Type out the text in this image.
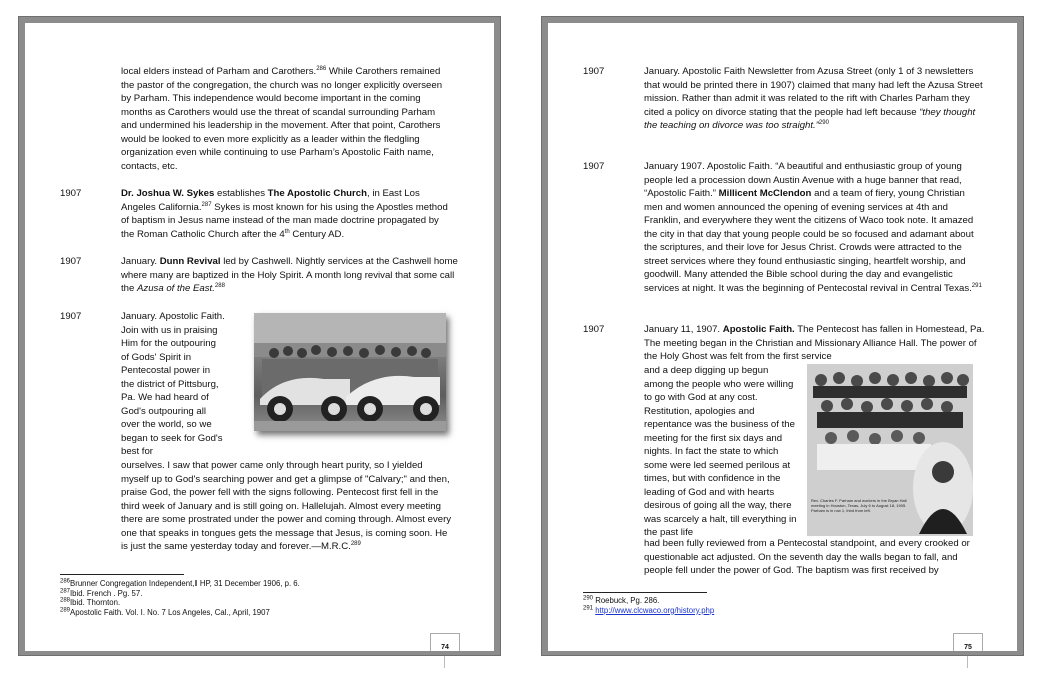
local elders instead of Parham and Carothers.$^{286}$ While Carothers remained the pastor of the congregation, the church was no longer explicitly overseen by Parham. This independence would become important in the coming months as Carothers would use the threat of scandal surrounding Parham and undermined his leadership in the movement. After that point, Carothers would be looked to even more explicitly as a leader within the fledgling organization even while continuing to use Parham’s Apostolic Faith name, contacts, etc.
1907	Dr. Joshua W. Sykes establishes The Apostolic Church, in East Los Angeles California.$^{287}$ Sykes is most known for his using the Apostles method of baptism in Jesus name instead of the man made doctrine propagated by the Roman Catholic Church after the 4th Century AD.
1907	January. Dunn Revival led by Cashwell. Nightly services at the Cashwell home where many are baptized in the Holy Spirit. A month long revival that some call the Azusa of the East.$^{288}$
1907	January. Apostolic Faith. Join with us in praising Him for the outpouring of Gods' Spirit in Pentecostal power in the district of Pittsburg, Pa. We had heard of God's outpouring all over the world, so we began to seek for God's best for
ourselves. I saw that power came only through heart purity, so I yielded myself up to God's searching power and get a glimpse of "Calvary;" and then, praise God, the power fell with the signs following. Pentecost first fell in the third week of January and is still going on. Hallelujah. Almost every meeting there are some prostrated under the power and coming through. Almost every one that speaks in tongues gets the message that Jesus, is coming soon. He is just the same yesterday today and forever.—M.R.C.$^{289}$
$^{286}$Brunner Congregation Independent,‖ HP, 31 December 1906, p. 6.
$^{287}$Ibid. French . Pg. 57.
$^{288}$Ibid. Thornton.
$^{289}$Apostolic Faith. Vol. I. No. 7 Los Angeles, Cal., April, 1907
74
1907	January. Apostolic Faith Newsletter from Azusa Street (only 1 of 3 newsletters that would be printed there in 1907) claimed that many had left the Azusa Street mission. Rather than admit it was related to the rift with Charles Parham they cited a policy on divorce stating that the people had left because “they thought the teaching on divorce was too straight.”$^{290}$
1907	January 1907. Apostolic Faith. “A beautiful and enthusiastic group of young people led a procession down Austin Avenue with a huge banner that read, “Apostolic Faith.” Millicent McClendon and a team of fiery, young Christian men and women announced the opening of evening services at 4th and Franklin, and everywhere they went the citizens of Waco took note. It amazed the city in that day that young people could be so focused and adamant about the scriptures, and their love for Jesus Christ. Crowds were attracted to the street services where they found enthusiastic singing, heartfelt worship, and goodwill. Many attended the Bible school during the day and evangelistic services at night. It was the beginning of Pentecostal revival in Central Texas.$^{291}$
1907	January 11, 1907. Apostolic Faith. The Pentecost has fallen in Homestead, Pa. The meeting began in the Christian and Missionary Alliance Hall. The power of the Holy Ghost was felt from the first service
and a deep digging up begun among the people who were willing to go with God at any cost. Restitution, apologies and repentance was the business of the meeting for the first six days and nights. In fact the state to which some were led seemed perilous at times, but with confidence in the leading of God and with hearts desirous of going all the way, there was scarcely a halt, till everything in the past life
Rev. Charles F. Parham and workers in the Bryan Hall meeting in Houston, Texas, July 6 to August 18, 1905. Parham is in row 1, third from left.
had been fully reviewed from a Pentecostal standpoint, and every crooked or questionable act adjusted. On the seventh day the walls began to fall, and people fell under the power of God. The baptism was first received by
$^{290}$ Roebuck, Pg. 286.
$^{291}$ http://www.clcwaco.org/history.php
75
